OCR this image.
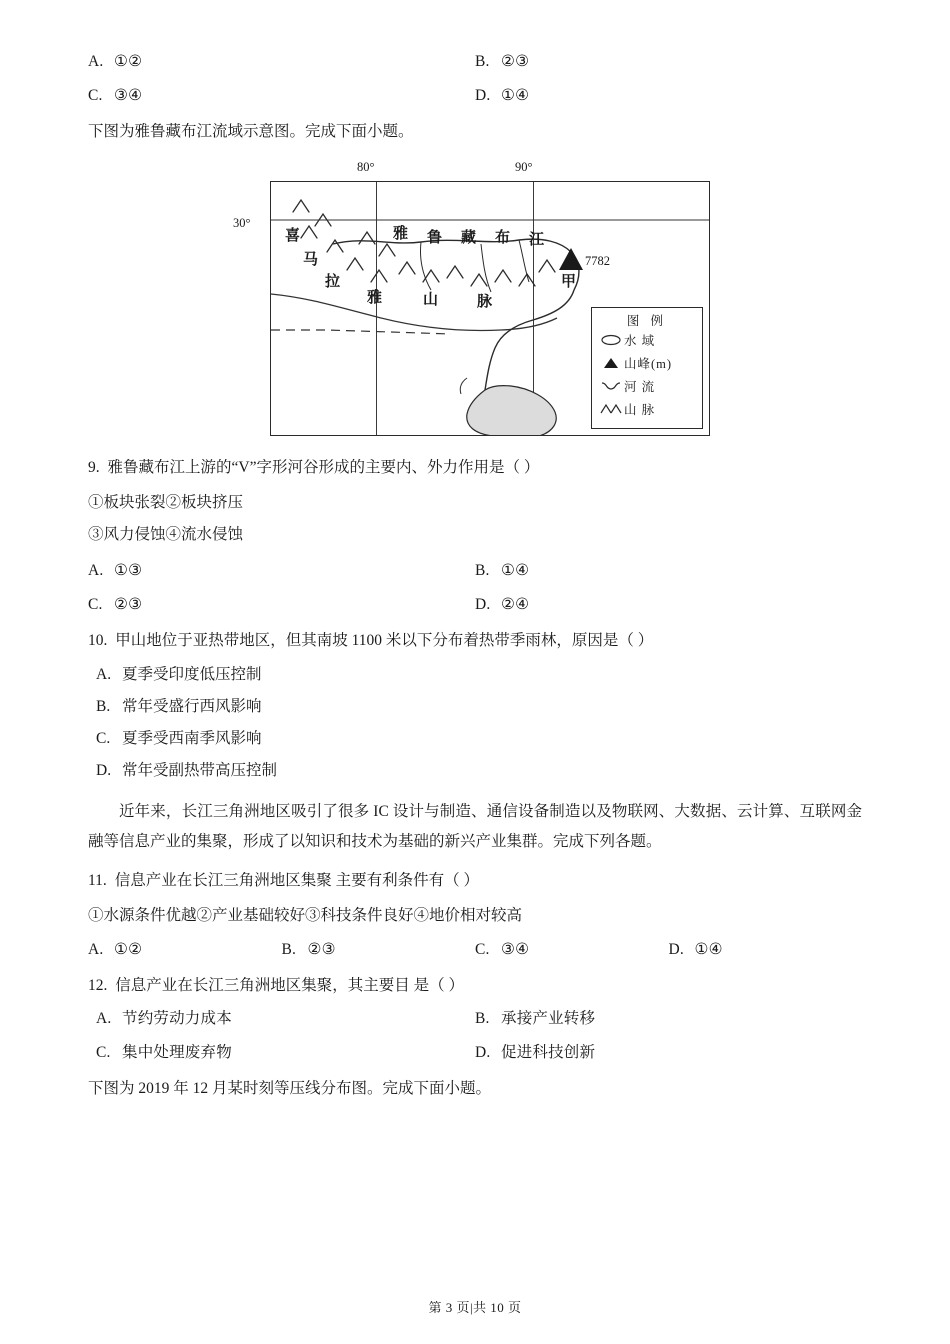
A. ①②	B. ②③
C. ③④	D. ①④
下图为雅鲁藏布江流域示意图。完成下面小题。
80°	90°
30°
雅 鲁 藏 布 江
喜
马
拉
雅	山	脉
7782
甲
图 例
水 域
山峰(m)
河 流
山 脉
9. 雅鲁藏布江上游的“V”字形河谷形成的主要内、外力作用是（ ）
①板块张裂②板块挤压
③风力侵蚀④流水侵蚀
A. ①③	B. ①④
C. ②③	D. ②④
10. 甲山地位于亚热带地区，但其南坡 1100 米以下分布着热带季雨林，原因是（ ）
A. 夏季受印度低压控制
B. 常年受盛行西风影响
C. 夏季受西南季风影响
D. 常年受副热带高压控制
近年来，长江三角洲地区吸引了很多 IC 设计与制造、通信设备制造以及物联网、大数据、云计算、互联网金融等信息产业的集聚，形成了以知识和技术为基础的新兴产业集群。完成下列各题。
11. 信息产业在长江三角洲地区集聚 主要有利条件有（ ）
①水源条件优越②产业基础较好③科技条件良好④地价相对较高
A. ①②	B. ②③	C. ③④	D. ①④
12. 信息产业在长江三角洲地区集聚，其主要目 是（ ）
A. 节约劳动力成本	B. 承接产业转移
C. 集中处理废弃物	D. 促进科技创新
下图为 2019 年 12 月某时刻等压线分布图。完成下面小题。
第 3 页|共 10 页
